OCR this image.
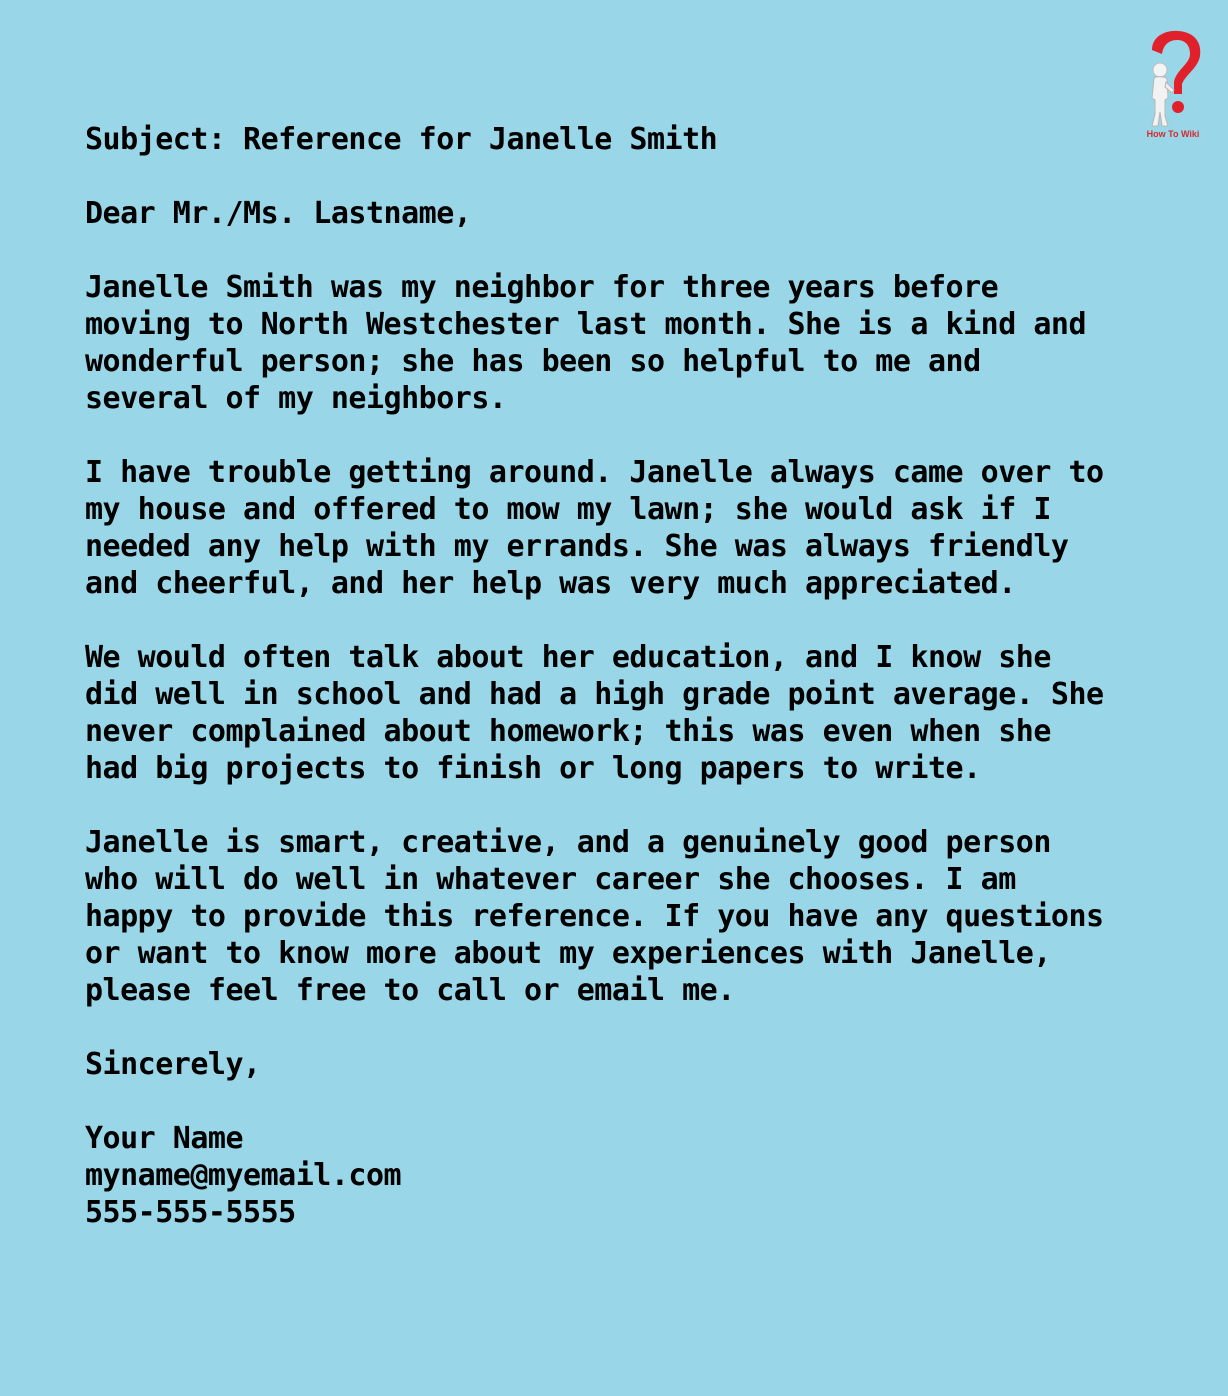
How To Wiki

Subject: Reference for Janelle Smith

Dear Mr./Ms. Lastname,

Janelle Smith was my neighbor for three years before
moving to North Westchester last month. She is a kind and
wonderful person; she has been so helpful to me and
several of my neighbors.

I have trouble getting around. Janelle always came over to
my house and offered to mow my lawn; she would ask if I
needed any help with my errands. She was always friendly
and cheerful, and her help was very much appreciated.

We would often talk about her education, and I know she
did well in school and had a high grade point average. She
never complained about homework; this was even when she
had big projects to finish or long papers to write.

Janelle is smart, creative, and a genuinely good person
who will do well in whatever career she chooses. I am
happy to provide this reference. If you have any questions
or want to know more about my experiences with Janelle,
please feel free to call or email me.

Sincerely,

Your Name
myname@myemail.com
555-555-5555
